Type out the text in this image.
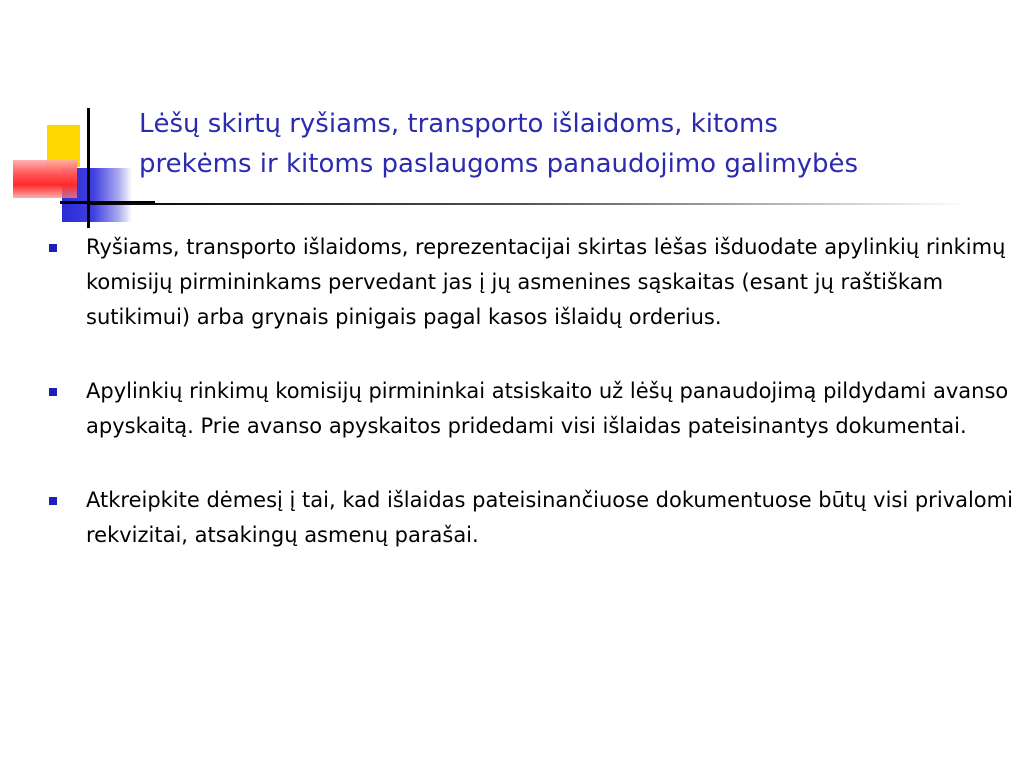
Lėšų skirtų ryšiams, transporto išlaidoms, kitoms
prekėms ir kitoms paslaugoms panaudojimo galimybės
Ryšiams, transporto išlaidoms, reprezentacijai skirtas lėšas išduodate apylinkių rinkimų komisijų pirmininkams pervedant jas į jų asmenines sąskaitas (esant jų raštiškam sutikimui) arba grynais pinigais pagal kasos išlaidų orderius.
Apylinkių rinkimų komisijų pirmininkai atsiskaito už lėšų panaudojimą pildydami avanso apyskaitą. Prie avanso apyskaitos pridedami visi išlaidas pateisinantys dokumentai.
Atkreipkite dėmesį į tai, kad išlaidas pateisinančiuose dokumentuose būtų visi privalomi rekvizitai, atsakingų asmenų parašai.
